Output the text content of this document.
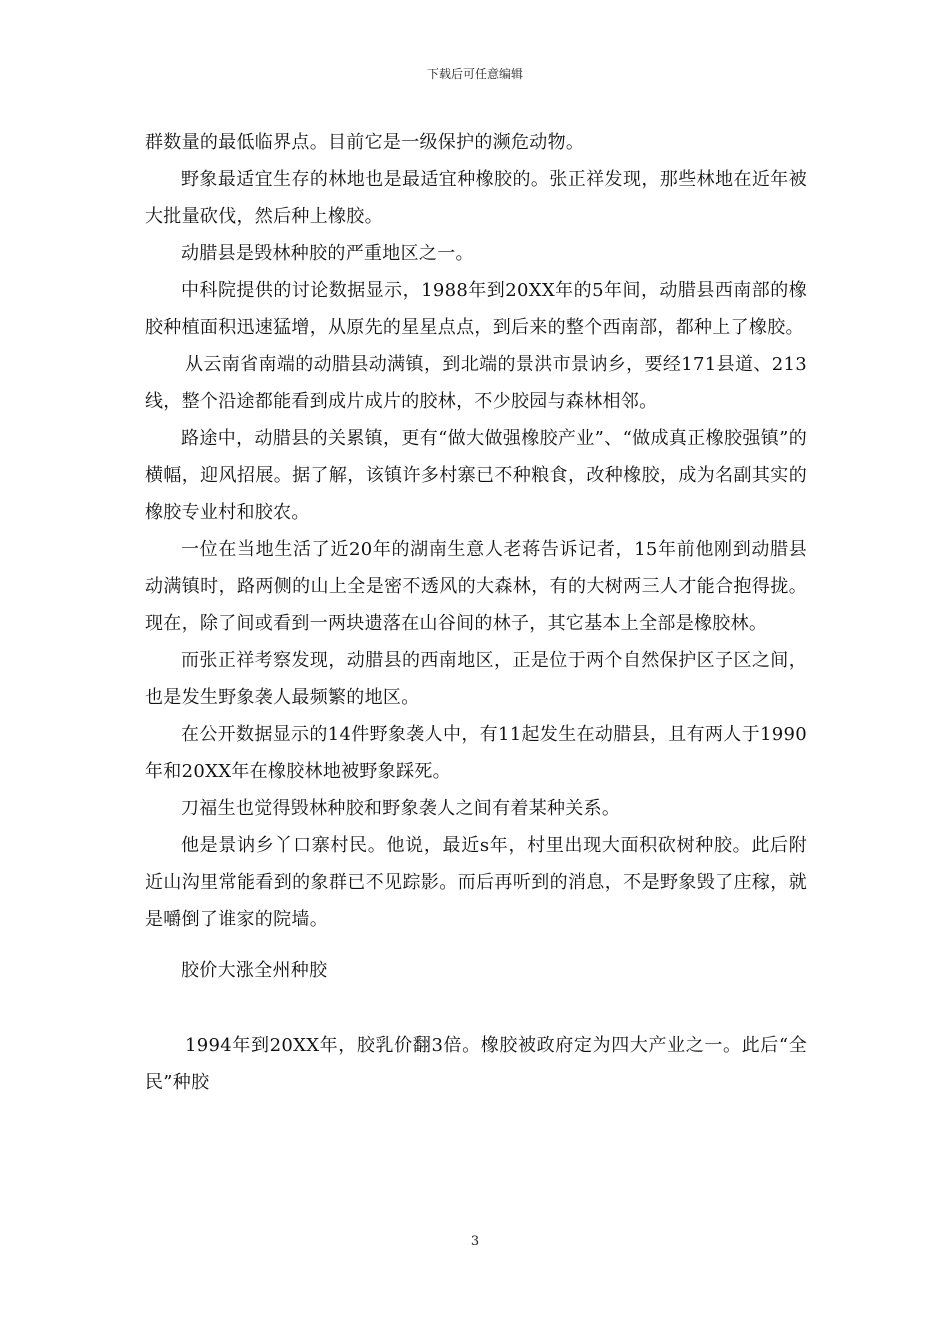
下载后可任意编辑

群数量的最低临界点。目前它是一级保护的濒危动物。

野象最适宜生存的林地也是最适宜种橡胶的。张正祥发现，那些林地在近年被大批量砍伐，然后种上橡胶。

动腊县是毁林种胶的严重地区之一。

中科院提供的讨论数据显示，1988年到20XX年的5年间，动腊县西南部的橡胶种植面积迅速猛增，从原先的星星点点，到后来的整个西南部，都种上了橡胶。

从云南省南端的动腊县动满镇，到北端的景洪市景讷乡，要经171县道、213线，整个沿途都能看到成片成片的胶林，不少胶园与森林相邻。

路途中，动腊县的关累镇，更有“做大做强橡胶产业”、“做成真正橡胶强镇”的横幅，迎风招展。据了解，该镇许多村寨已不种粮食，改种橡胶，成为名副其实的橡胶专业村和胶农。

一位在当地生活了近20年的湖南生意人老蒋告诉记者，15年前他刚到动腊县动满镇时，路两侧的山上全是密不透风的大森林，有的大树两三人才能合抱得拢。现在，除了间或看到一两块遗落在山谷间的林子，其它基本上全部是橡胶林。

而张正祥考察发现，动腊县的西南地区，正是位于两个自然保护区子区之间，也是发生野象袭人最频繁的地区。

在公开数据显示的14件野象袭人中，有11起发生在动腊县，且有两人于1990年和20XX年在橡胶林地被野象踩死。

刀福生也觉得毁林种胶和野象袭人之间有着某种关系。

他是景讷乡丫口寨村民。他说，最近s年，村里出现大面积砍树种胶。此后附近山沟里常能看到的象群已不见踪影。而后再听到的消息，不是野象毁了庄稼，就是嚼倒了谁家的院墙。

胶价大涨全州种胶

1994年到20XX年，胶乳价翻3倍。橡胶被政府定为四大产业之一。此后“全民”种胶

3
